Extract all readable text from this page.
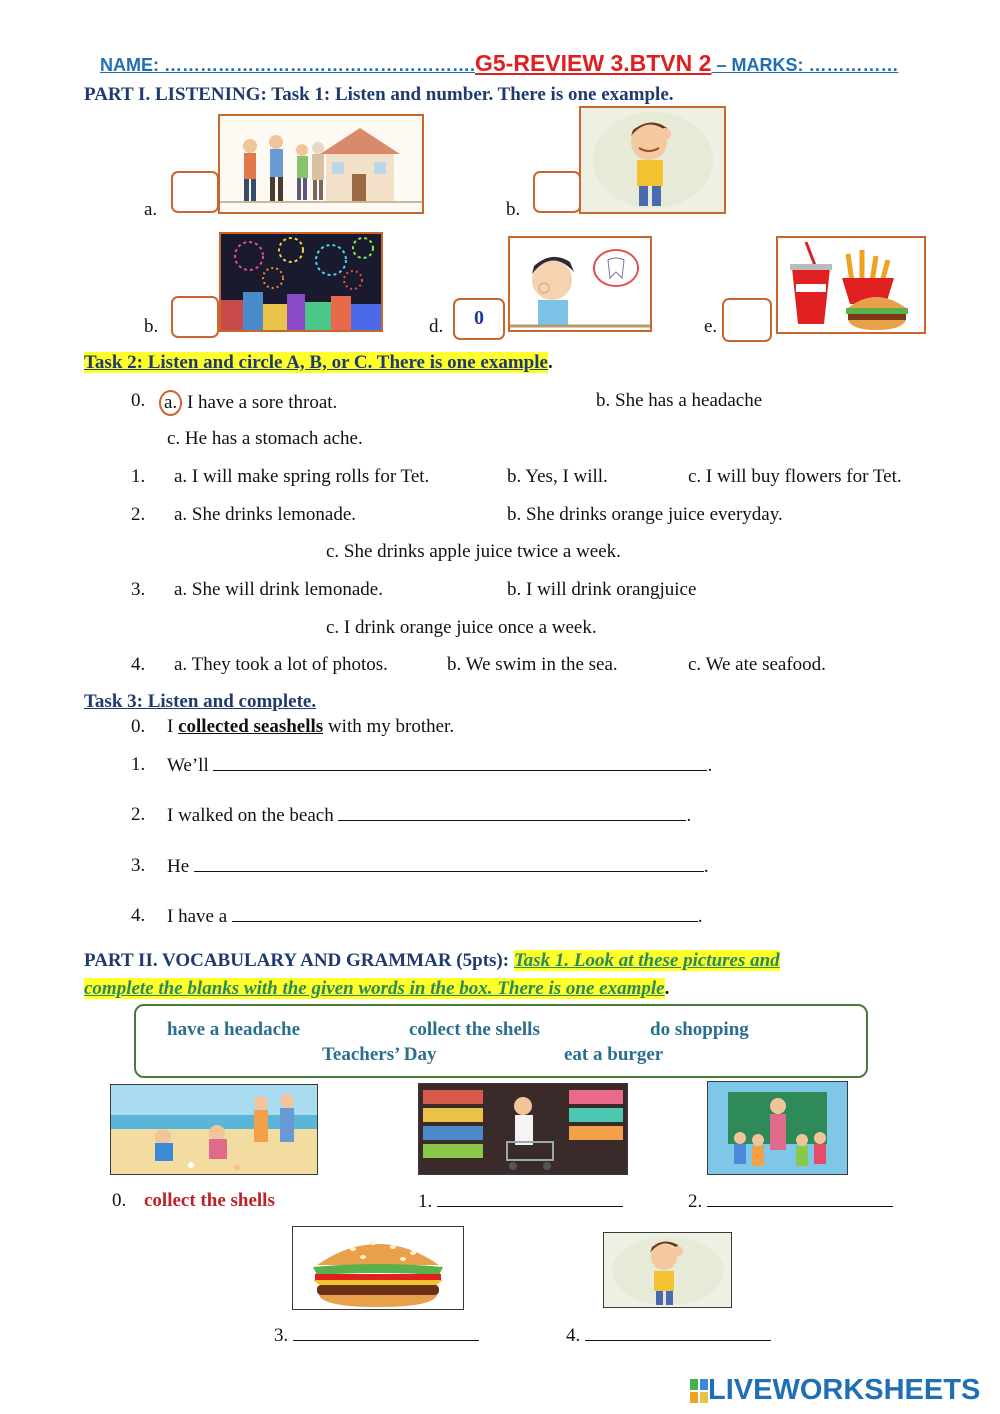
NAME: …………………………………………….G5-REVIEW 3.BTVN 2 – MARKS: ……………
PART I. LISTENING: Task 1: Listen and number. There is one example.
a.	b.
b.	d.	0	e.
Task 2: Listen and circle A, B, or C. There is one example.
0. a. I have a sore throat.	b. She has a headache
c. He has a stomach ache.
1. a. I will make spring rolls for Tet.	b. Yes, I will.	c. I will buy flowers for Tet.
2. a. She drinks lemonade.	b. She drinks orange juice everyday.
c. She drinks apple juice twice a week.
3. a. She will drink lemonade.	b. I will drink orangjuice
c. I drink orange juice once a week.
4. a. They took a lot of photos.	b. We swim in the sea.	c. We ate seafood.
Task 3: Listen and complete.
0. I collected seashells with my brother.
1. We’ll	.
2. I walked on the beach	.
3. He	.
4. I have a	.
PART II. VOCABULARY AND GRAMMAR (5pts): Task 1. Look at these pictures and
complete the blanks with the given words in the box. There is one example.
have a headache	collect the shells	do shopping
Teachers’ Day	eat a burger
0. collect the shells	1.	2.
3.	4.
LIVEWORKSHEETS
